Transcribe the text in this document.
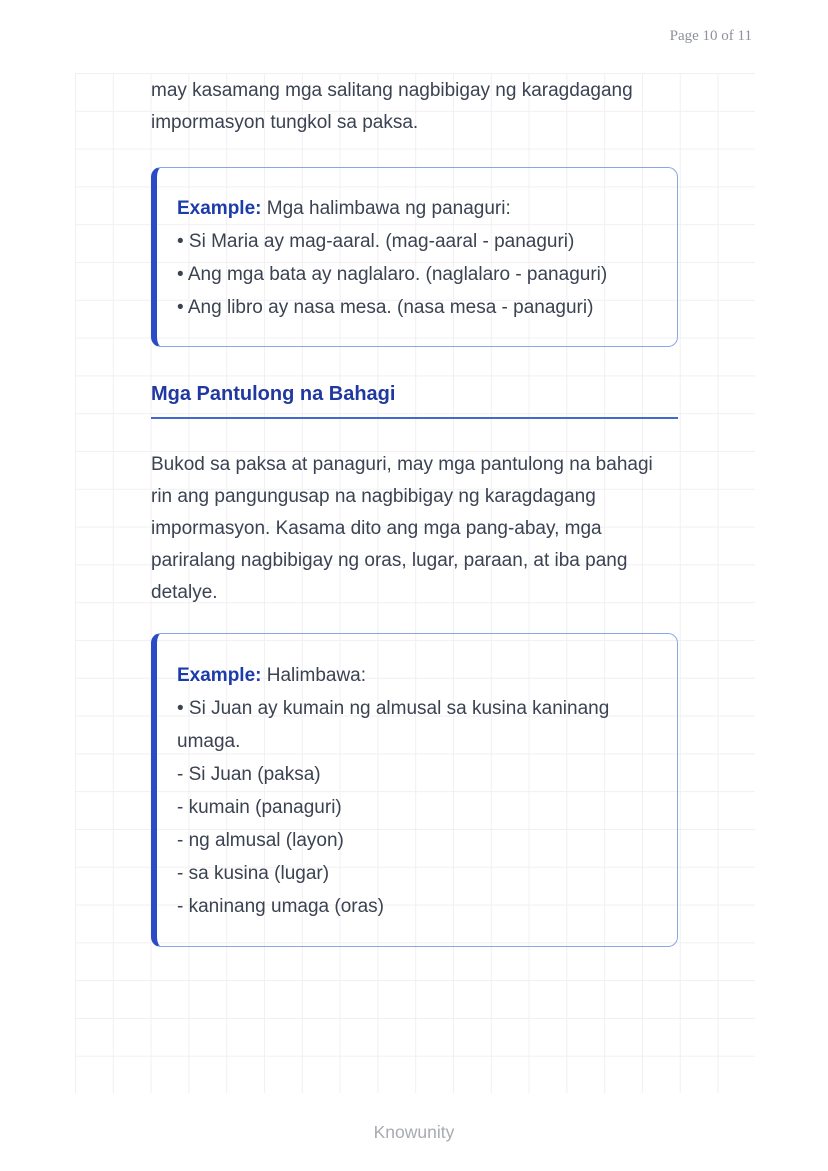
Page 10 of 11

may kasamang mga salitang nagbibigay ng karagdagang impormasyon tungkol sa paksa.

Example: Mga halimbawa ng panaguri:
• Si Maria ay mag-aaral. (mag-aaral - panaguri)
• Ang mga bata ay naglalaro. (naglalaro - panaguri)
• Ang libro ay nasa mesa. (nasa mesa - panaguri)
Mga Pantulong na Bahagi

Bukod sa paksa at panaguri, may mga pantulong na bahagi rin ang pangungusap na nagbibigay ng karagdagang impormasyon. Kasama dito ang mga pang-abay, mga pariralang nagbibigay ng oras, lugar, paraan, at iba pang detalye.

Example: Halimbawa:
• Si Juan ay kumain ng almusal sa kusina kaninang umaga.
- Si Juan (paksa)
- kumain (panaguri)
- ng almusal (layon)
- sa kusina (lugar)
- kaninang umaga (oras)
Knowunity
